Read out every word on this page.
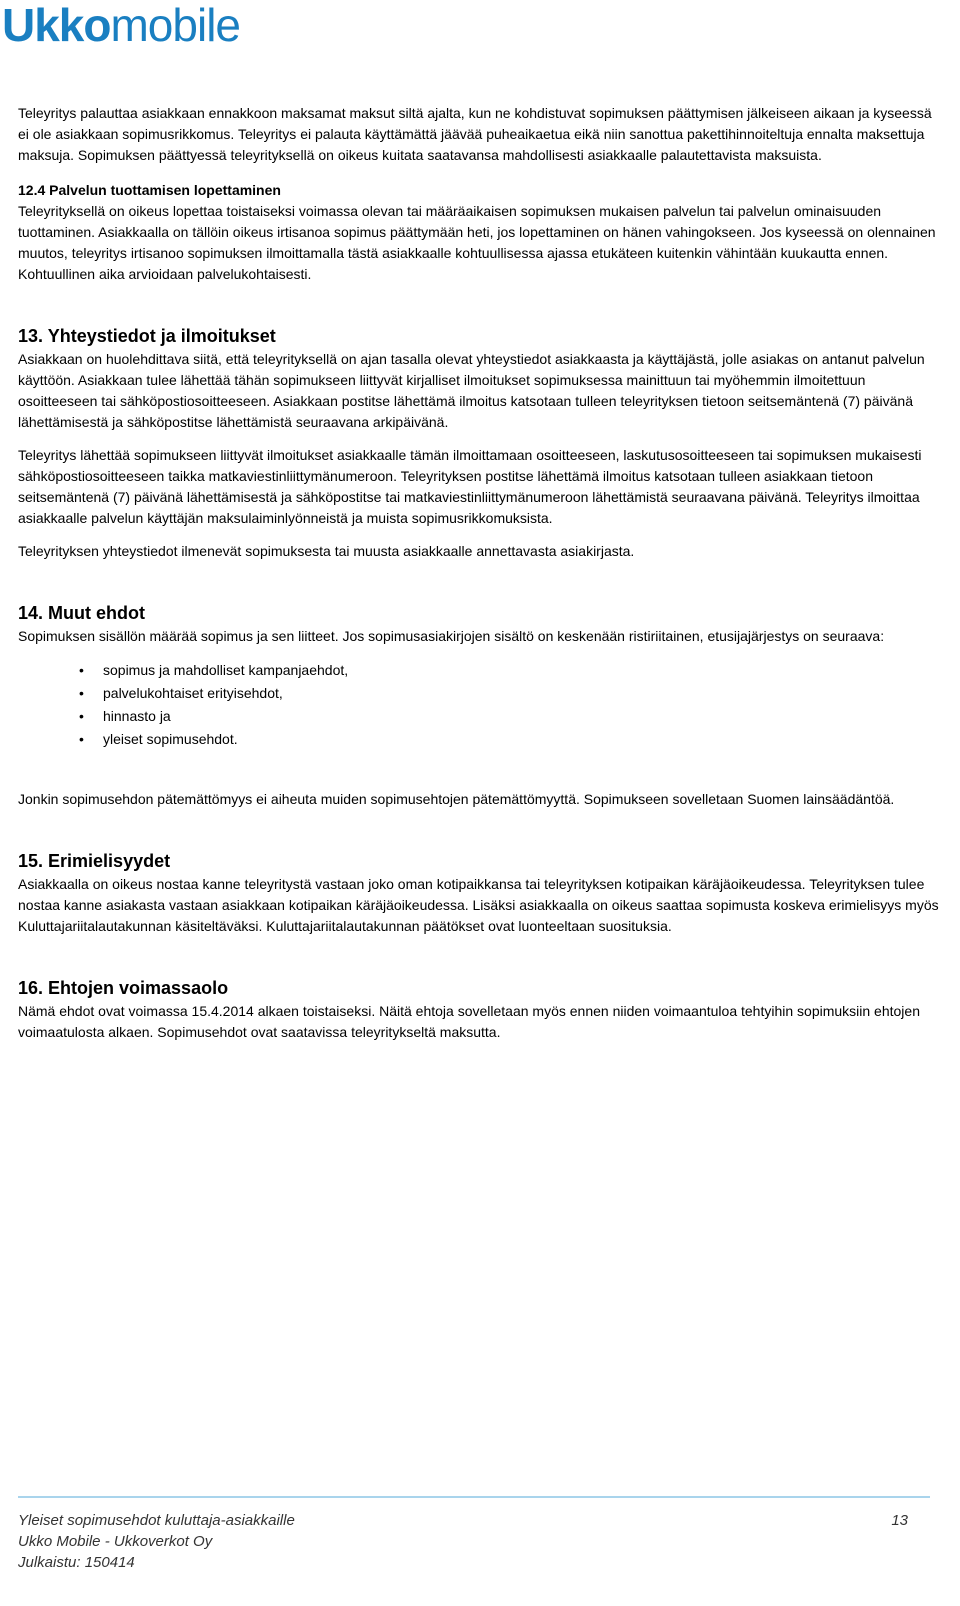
Ukkomobile

Teleyritys palauttaa asiakkaan ennakkoon maksamat maksut siltä ajalta, kun ne kohdistuvat sopimuksen päättymisen jälkeiseen aikaan ja kyseessä ei ole asiakkaan sopimusrikkomus. Teleyritys ei palauta käyttämättä jäävää puheaikaetua eikä niin sanottua pakettihinnoiteltuja ennalta maksettuja maksuja. Sopimuksen päättyessä teleyrityksellä on oikeus kuitata saatavansa mahdollisesti asiakkaalle palautettavista maksuista.

12.4 Palvelun tuottamisen lopettaminen

Teleyrityksellä on oikeus lopettaa toistaiseksi voimassa olevan tai määräaikaisen sopimuksen mukaisen palvelun tai palvelun ominaisuuden tuottaminen. Asiakkaalla on tällöin oikeus irtisanoa sopimus päättymään heti, jos lopettaminen on hänen vahingokseen. Jos kyseessä on olennainen muutos, teleyritys irtisanoo sopimuksen ilmoittamalla tästä asiakkaalle kohtuullisessa ajassa etukäteen kuitenkin vähintään kuukautta ennen. Kohtuullinen aika arvioidaan palvelukohtaisesti.

13. Yhteystiedot ja ilmoitukset

Asiakkaan on huolehdittava siitä, että teleyrityksellä on ajan tasalla olevat yhteystiedot asiakkaasta ja käyttäjästä, jolle asiakas on antanut palvelun käyttöön. Asiakkaan tulee lähettää tähän sopimukseen liittyvät kirjalliset ilmoitukset sopimuksessa mainittuun tai myöhemmin ilmoitettuun osoitteeseen tai sähköpostiosoitteeseen. Asiakkaan postitse lähettämä ilmoitus katsotaan tulleen teleyrityksen tietoon seitsemäntenä (7) päivänä lähettämisestä ja sähköpostitse lähettämistä seuraavana arkipäivänä.

Teleyritys lähettää sopimukseen liittyvät ilmoitukset asiakkaalle tämän ilmoittamaan osoitteeseen, laskutusosoitteeseen tai sopimuksen mukaisesti sähköpostiosoitteeseen taikka matkaviestinliittymänumeroon. Teleyrityksen postitse lähettämä ilmoitus katsotaan tulleen asiakkaan tietoon seitsemäntenä (7) päivänä lähettämisestä ja sähköpostitse tai matkaviestinliittymänumeroon lähettämistä seuraavana päivänä. Teleyritys ilmoittaa asiakkaalle palvelun käyttäjän maksulaiminlyönneistä ja muista sopimusrikkomuksista.

Teleyrityksen yhteystiedot ilmenevät sopimuksesta tai muusta asiakkaalle annettavasta asiakirjasta.

14. Muut ehdot

Sopimuksen sisällön määrää sopimus ja sen liitteet. Jos sopimusasiakirjojen sisältö on keskenään ristiriitainen, etusijajärjestys on seuraava:

• sopimus ja mahdolliset kampanjaehdot,
• palvelukohtaiset erityisehdot,
• hinnasto ja
• yleiset sopimusehdot.

Jonkin sopimusehdon pätemättömyys ei aiheuta muiden sopimusehtojen pätemättömyyttä. Sopimukseen sovelletaan Suomen lainsäädäntöä.

15. Erimielisyydet

Asiakkaalla on oikeus nostaa kanne teleyritystä vastaan joko oman kotipaikkansa tai teleyrityksen kotipaikan käräjäoikeudessa. Teleyrityksen tulee nostaa kanne asiakasta vastaan asiakkaan kotipaikan käräjäoikeudessa. Lisäksi asiakkaalla on oikeus saattaa sopimusta koskeva erimielisyys myös Kuluttajariitalautakunnan käsiteltäväksi. Kuluttajariitalautakunnan päätökset ovat luonteeltaan suosituksia.

16. Ehtojen voimassaolo

Nämä ehdot ovat voimassa 15.4.2014 alkaen toistaiseksi. Näitä ehtoja sovelletaan myös ennen niiden voimaantuloa tehtyihin sopimuksiin ehtojen voimaatulosta alkaen. Sopimusehdot ovat saatavissa teleyritykseltä maksutta.

Yleiset sopimusehdot kuluttaja-asiakkaille
Ukko Mobile - Ukkoverkot Oy
Julkaistu: 150414
13
